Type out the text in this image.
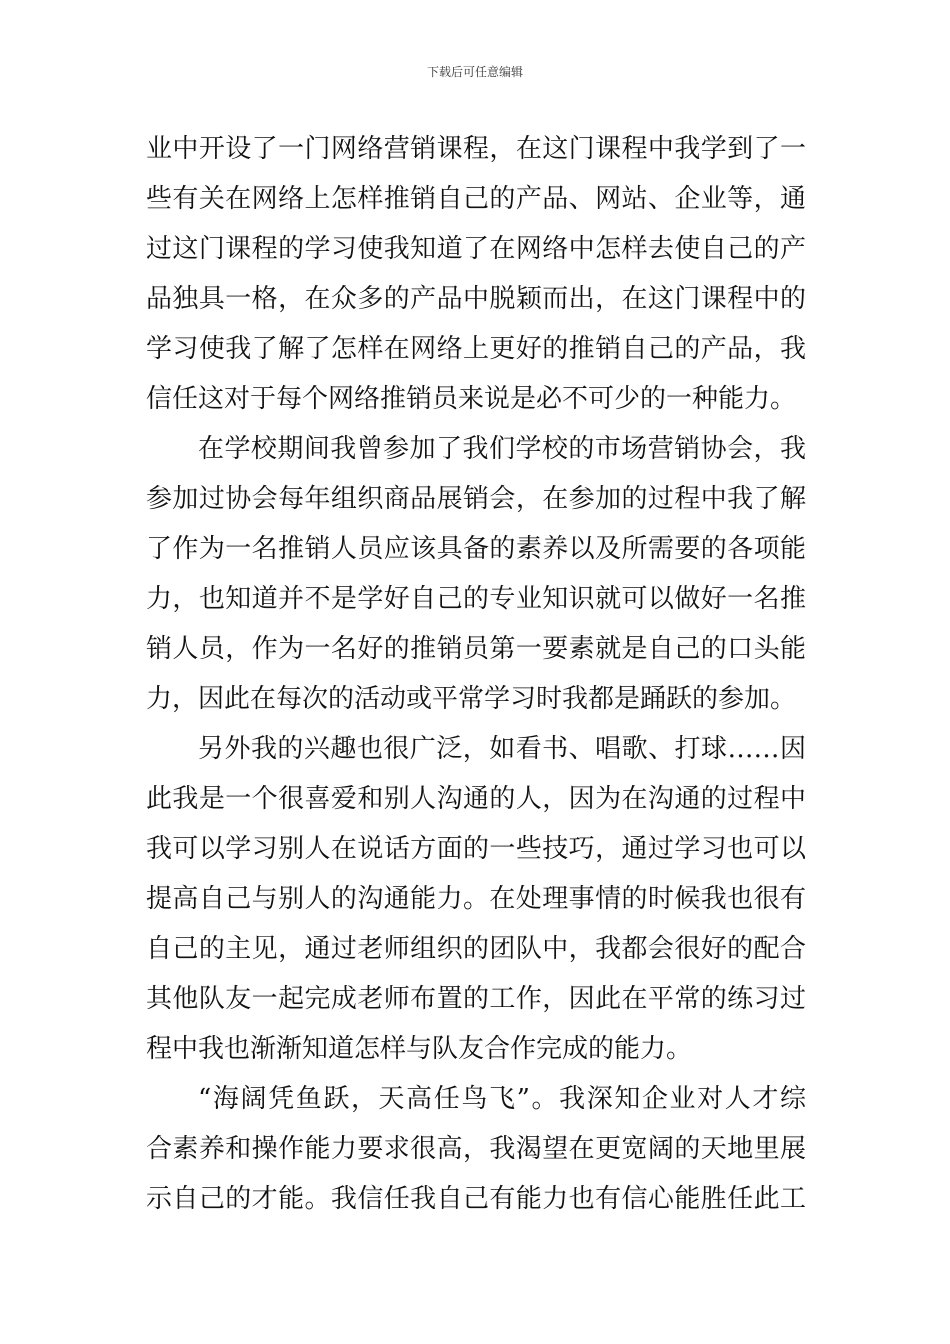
下载后可任意编辑
业中开设了一门网络营销课程，在这门课程中我学到了一
些有关在网络上怎样推销自己的产品、网站、企业等，通
过这门课程的学习使我知道了在网络中怎样去使自己的产
品独具一格，在众多的产品中脱颖而出，在这门课程中的
学习使我了解了怎样在网络上更好的推销自己的产品，我
信任这对于每个网络推销员来说是必不可少的一种能力。
在学校期间我曾参加了我们学校的市场营销协会，我
参加过协会每年组织商品展销会，在参加的过程中我了解
了作为一名推销人员应该具备的素养以及所需要的各项能
力，也知道并不是学好自己的专业知识就可以做好一名推
销人员，作为一名好的推销员第一要素就是自己的口头能
力，因此在每次的活动或平常学习时我都是踊跃的参加。
另外我的兴趣也很广泛，如看书、唱歌、打球……因
此我是一个很喜爱和别人沟通的人，因为在沟通的过程中
我可以学习别人在说话方面的一些技巧，通过学习也可以
提高自己与别人的沟通能力。在处理事情的时候我也很有
自己的主见，通过老师组织的团队中，我都会很好的配合
其他队友一起完成老师布置的工作，因此在平常的练习过
程中我也渐渐知道怎样与队友合作完成的能力。
“海阔凭鱼跃，天高任鸟飞”。我深知企业对人才综
合素养和操作能力要求很高，我渴望在更宽阔的天地里展
示自己的才能。我信任我自己有能力也有信心能胜任此工
